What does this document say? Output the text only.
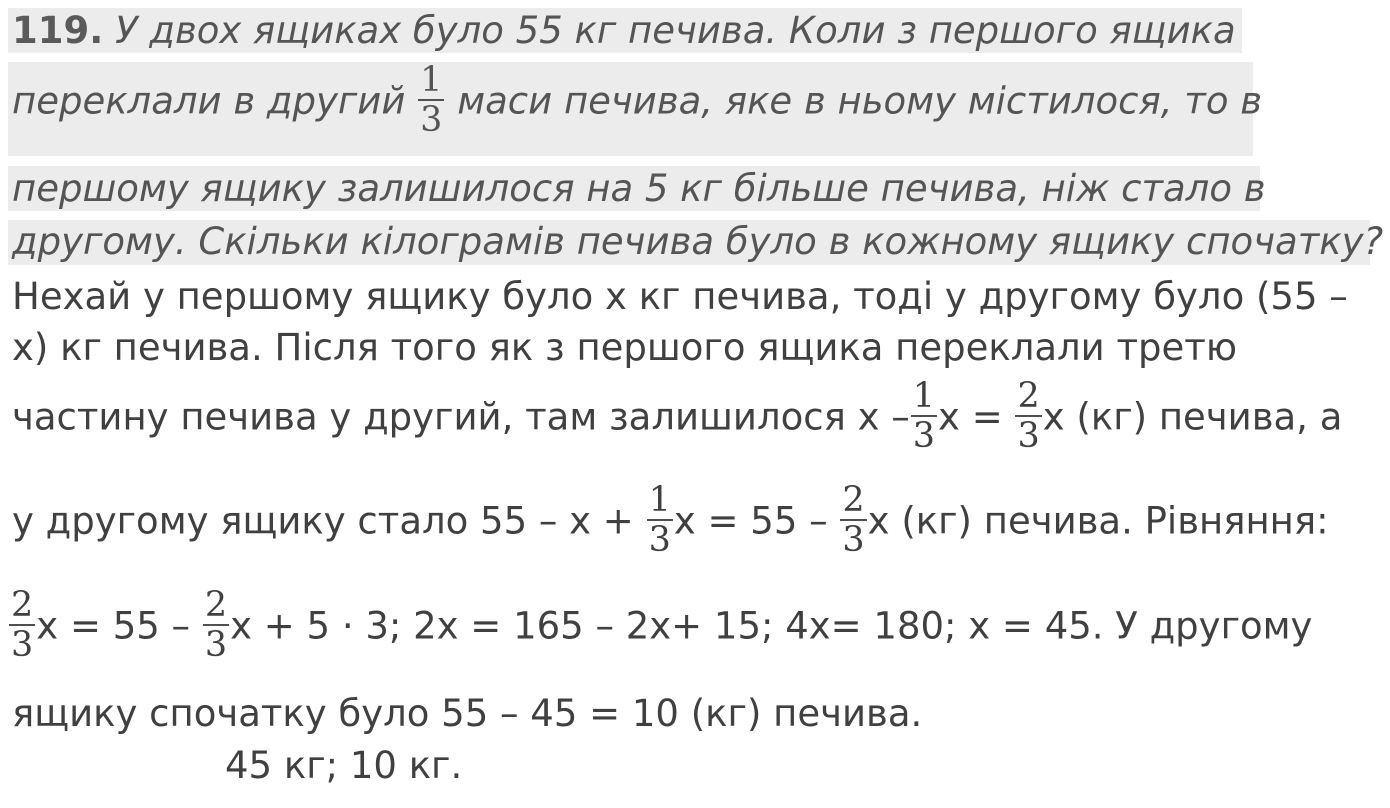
119. У двох ящиках було 55 кг печива. Коли з першого ящика
переклали в другий $\frac{1}{3}$ маси печива, яке в ньому містилося, то в
першому ящику залишилося на 5 кг більше печива, ніж стало в
другому. Скільки кілограмів печива було в кожному ящику спочатку?
Нехай у першому ящику було x кг печива, тоді у другому було (55 –
x) кг печива. Після того як з першого ящика переклали третю
частину печива у другий, там залишилося x – $\frac{1}{3}$ $x = \frac{2}{3}$ x (кг) печива, а
у другому ящику стало $55 - x + \frac{1}{3}$ $x = 55 - \frac{2}{3}$ x (кг) печива. Рівняння:
$\frac{2}{3}$ $x = 55 - \frac{2}{3}$ x + 5 · 3; 2x = 165 – 2x+ 15; 4x= 180; x = 45. У другому
ящику спочатку було 55 – 45 = 10 (кг) печива.
45 кг; 10 кг.
